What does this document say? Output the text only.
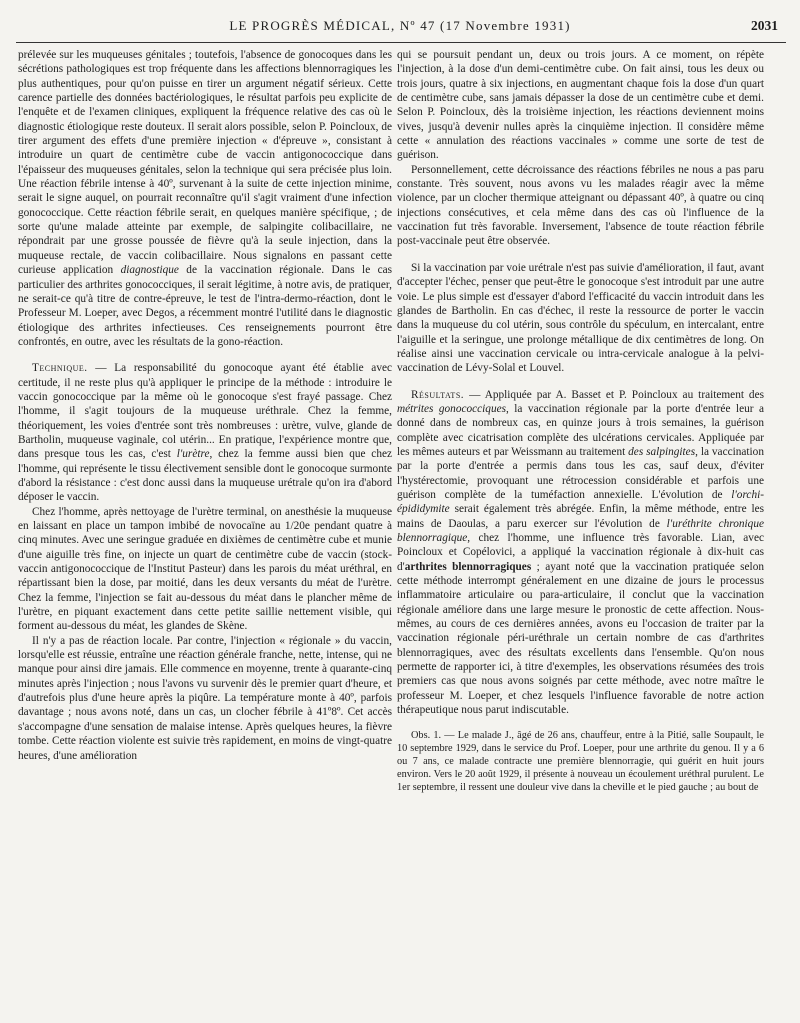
LE PROGRÈS MÉDICAL, Nº 47 (17 Novembre 1931)	2031

prélevée sur les muqueuses génitales ; toutefois, l'absence de gonocoques dans les sécrétions pathologiques est trop fréquente dans les affections blennorragiques les plus authentiques, pour qu'on puisse en tirer un argument négatif sérieux. Cette carence partielle des données bactériologiques, le résultat parfois peu explicite de l'enquête et de l'examen cliniques, expliquent la fréquence relative des cas où le diagnostic étiologique reste douteux. Il serait alors possible, selon P. Poincloux, de tirer argument des effets d'une première injection « d'épreuve », consistant à introduire un quart de centimètre cube de vaccin antigonococcique dans l'épaisseur des muqueuses génitales, selon la technique qui sera précisée plus loin. Une réaction fébrile intense à 40º, survenant à la suite de cette injection minime, serait le signe auquel, on pourrait reconnaître qu'il s'agit vraiment d'une infection gonococcique. Cette réaction fébrile serait, en quelques manière spécifique, ; de sorte qu'une malade atteinte par exemple, de salpingite colibacillaire, ne répondrait par une grosse poussée de fièvre qu'à la seule injection, dans la muqueuse rectale, de vaccin colibacillaire. Nous signalons en passant cette curieuse application diagnostique de la vaccination régionale. Dans le cas particulier des arthrites gonococciques, il serait légitime, à notre avis, de pratiquer, ne serait-ce qu'à titre de contre-épreuve, le test de l'intra-dermo-réaction, dont le Professeur M. Loeper, avec Degos, a récemment montré l'utilité dans le diagnostic étiologique des arthrites infectieuses. Ces renseignements pourront être confrontés, en outre, avec les résultats de la gono-réaction.

Technique. — La responsabilité du gonocoque ayant été établie avec certitude, il ne reste plus qu'à appliquer le principe de la méthode : introduire le vaccin gonococcique par la même où le gonocoque s'est frayé passage. Chez l'homme, il s'agit toujours de la muqueuse uréthrale. Chez la femme, théoriquement, les voies d'entrée sont très nombreuses : urètre, vulve, glande de Bartholin, muqueuse vaginale, col utérin... En pratique, l'expérience montre que, dans presque tous les cas, c'est l'urètre, chez la femme aussi bien que chez l'homme, qui représente le tissu électivement sensible dont le gonocoque surmonte d'abord la résistance : c'est donc aussi dans la muqueuse urétrale qu'on ira d'abord déposer le vaccin.

Chez l'homme, après nettoyage de l'urètre terminal, on anesthésie la muqueuse en laissant en place un tampon imbibé de novocaïne au 1/20e pendant quatre à cinq minutes. Avec une seringue graduée en dixièmes de centimètre cube et munie d'une aiguille très fine, on injecte un quart de centimètre cube de vaccin (stock-vaccin antigonococcique de l'Institut Pasteur) dans les parois du méat uréthral, en répartissant bien la dose, par moitié, dans les deux versants du méat de l'urètre. Chez la femme, l'injection se fait au-dessous du méat dans le plancher même de l'urètre, en piquant exactement dans cette petite saillie nettement visible, qui forment au-dessous du méat, les glandes de Skène.

Il n'y a pas de réaction locale. Par contre, l'injection « régionale » du vaccin, lorsqu'elle est réussie, entraîne une réaction générale franche, nette, intense, qui ne manque pour ainsi dire jamais. Elle commence en moyenne, trente à quarante-cinq minutes après l'injection ; nous l'avons vu survenir dès le premier quart d'heure, et d'autrefois plus d'une heure après la piqûre. La température monte à 40º, parfois davantage ; nous avons noté, dans un cas, un clocher fébrile à 41º8º. Cet accès s'accompagne d'une sensation de malaise intense. Après quelques heures, la fièvre tombe. Cette réaction violente est suivie très rapidement, en moins de vingt-quatre heures, d'une amélioration

qui se poursuit pendant un, deux ou trois jours. A ce moment, on répète l'injection, à la dose d'un demi-centimètre cube. On fait ainsi, tous les deux ou trois jours, quatre à six injections, en augmentant chaque fois la dose d'un quart de centimètre cube, sans jamais dépasser la dose de un centimètre cube et demi. Selon P. Poincloux, dès la troisième injection, les réactions deviennent moins vives, jusqu'à devenir nulles après la cinquième injection. Il considère même cette « annulation des réactions vaccinales » comme une sorte de test de guérison.

Personnellement, cette décroissance des réactions fébriles ne nous a pas paru constante. Très souvent, nous avons vu les malades réagir avec la même violence, par un clocher thermique atteignant ou dépassant 40º, à quatre ou cinq injections consécutives, et cela même dans des cas où l'influence de la vaccination fut très favorable. Inversement, l'absence de toute réaction fébrile post-vaccinale peut être observée.

Si la vaccination par voie urétrale n'est pas suivie d'amélioration, il faut, avant d'accepter l'échec, penser que peut-être le gonocoque s'est introduit par une autre voie. Le plus simple est d'essayer d'abord l'efficacité du vaccin introduit dans les glandes de Bartholin. En cas d'échec, il reste la ressource de porter le vaccin dans la muqueuse du col utérin, sous contrôle du spéculum, en intercalant, entre l'aiguille et la seringue, une prolonge métallique de dix centimètres de long. On réalise ainsi une vaccination cervicale ou intra-cervicale analogue à la pelvi-vaccination de Lévy-Solal et Louvel.

Résultats. — Appliquée par A. Basset et P. Poincloux au traitement des métrites gonococciques, la vaccination régionale par la porte d'entrée leur a donné dans de nombreux cas, en quinze jours à trois semaines, la guérison complète avec cicatrisation complète des ulcérations cervicales. Appliquée par les mêmes auteurs et par Weissmann au traitement des salpingites, la vaccination par la porte d'entrée a permis dans tous les cas, sauf deux, d'éviter l'hystérectomie, provoquant une rétrocession considérable et parfois une guérison complète de la tuméfaction annexielle. L'évolution de l'orchi-épididymite serait également très abrégée. Enfin, la même méthode, entre les mains de Daoulas, a paru exercer sur l'évolution de l'uréthrite chronique blennorragique, chez l'homme, une influence très favorable. Lian, avec Poincloux et Copélovici, a appliqué la vaccination régionale à dix-huit cas d'arthrites blennorragiques ; ayant noté que la vaccination pratiquée selon cette méthode interrompt généralement en une dizaine de jours le processus inflammatoire articulaire ou para-articulaire, il conclut que la vaccination régionale améliore dans une large mesure le pronostic de cette affection. Nous-mêmes, au cours de ces dernières années, avons eu l'occasion de traiter par la vaccination régionale péri-uréthrale un certain nombre de cas d'arthrites blennorragiques, avec des résultats excellents dans l'ensemble. Qu'on nous permette de rapporter ici, à titre d'exemples, les observations résumées des trois premiers cas que nous avons soignés par cette méthode, avec notre maître le professeur M. Loeper, et chez lesquels l'influence favorable de notre action thérapeutique nous parut indiscutable.

Obs. 1. — Le malade J., âgé de 26 ans, chauffeur, entre à la Pitié, salle Soupault, le 10 septembre 1929, dans le service du Prof. Loeper, pour une arthrite du genou. Il y a 6 ou 7 ans, ce malade contracte une première blennorragie, qui guérit en huit jours environ. Vers le 20 août 1929, il présente à nouveau un écoulement uréthral purulent. Le 1er septembre, il ressent une douleur vive dans la cheville et le pied gauche ; au bout de
